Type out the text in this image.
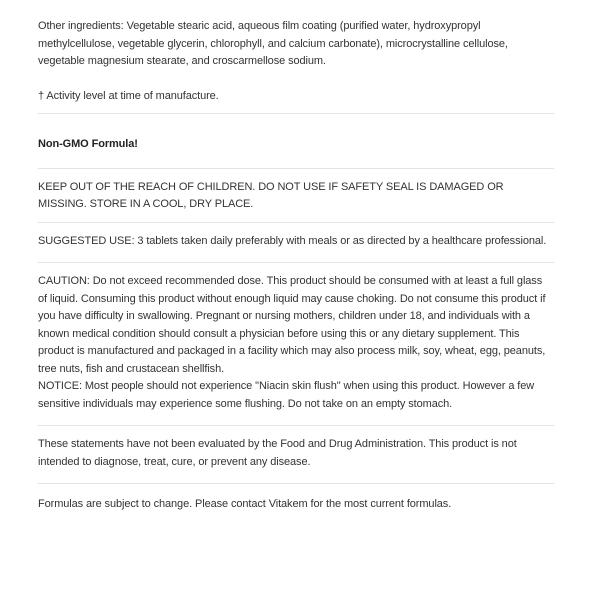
Other ingredients: Vegetable stearic acid, aqueous film coating (purified water, hydroxypropyl methylcellulose, vegetable glycerin, chlorophyll, and calcium carbonate), microcrystalline cellulose, vegetable magnesium stearate, and croscarmellose sodium.

† Activity level at time of manufacture.

Non-GMO Formula!

KEEP OUT OF THE REACH OF CHILDREN. DO NOT USE IF SAFETY SEAL IS DAMAGED OR MISSING. STORE IN A COOL, DRY PLACE.

SUGGESTED USE: 3 tablets taken daily preferably with meals or as directed by a healthcare professional.

CAUTION: Do not exceed recommended dose. This product should be consumed with at least a full glass of liquid. Consuming this product without enough liquid may cause choking. Do not consume this product if you have difficulty in swallowing. Pregnant or nursing mothers, children under 18, and individuals with a known medical condition should consult a physician before using this or any dietary supplement. This product is manufactured and packaged in a facility which may also process milk, soy, wheat, egg, peanuts, tree nuts, fish and crustacean shellfish.

NOTICE: Most people should not experience "Niacin skin flush" when using this product. However a few sensitive individuals may experience some flushing. Do not take on an empty stomach.

These statements have not been evaluated by the Food and Drug Administration. This product is not intended to diagnose, treat, cure, or prevent any disease.

Formulas are subject to change. Please contact Vitakem for the most current formulas.
